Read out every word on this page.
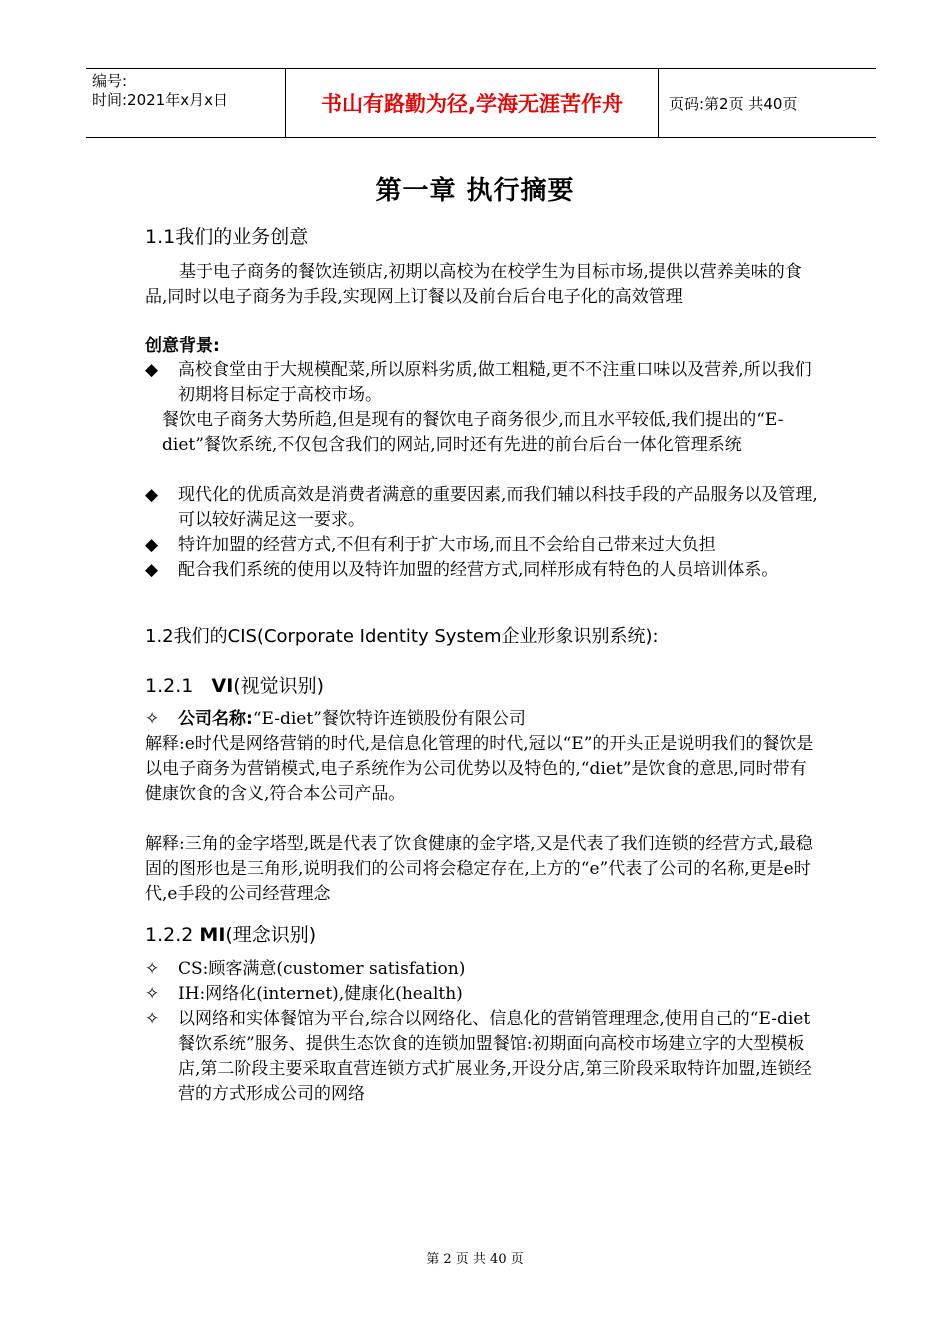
编号:
时间:2021年x月x日	书山有路勤为径,学海无涯苦作舟	页码:第2页 共40页
第一章 执行摘要
1.1我们的业务创意
基于电子商务的餐饮连锁店,初期以高校为在校学生为目标市场,提供以营养美味的食品,同时以电子商务为手段,实现网上订餐以及前台后台电子化的高效管理
创意背景:
◆	高校食堂由于大规模配菜,所以原料劣质,做工粗糙,更不不注重口味以及营养,所以我们初期将目标定于高校市场。
餐饮电子商务大势所趋,但是现有的餐饮电子商务很少,而且水平较低,我们提出的“E-diet”餐饮系统,不仅包含我们的网站,同时还有先进的前台后台一体化管理系统
◆	现代化的优质高效是消费者满意的重要因素,而我们辅以科技手段的产品服务以及管理,可以较好满足这一要求。
◆	特许加盟的经营方式,不但有利于扩大市场,而且不会给自己带来过大负担
◆	配合我们系统的使用以及特许加盟的经营方式,同样形成有特色的人员培训体系。
1.2我们的CIS(Corporate Identity System企业形象识别系统):
1.2.1 VI(视觉识别)
✧	公司名称:“E-diet”餐饮特许连锁股份有限公司
解释:e时代是网络营销的时代,是信息化管理的时代,冠以“E”的开头正是说明我们的餐饮是以电子商务为营销模式,电子系统作为公司优势以及特色的,“diet”是饮食的意思,同时带有健康饮食的含义,符合本公司产品。
解释:三角的金字塔型,既是代表了饮食健康的金字塔,又是代表了我们连锁的经营方式,最稳固的图形也是三角形,说明我们的公司将会稳定存在,上方的“e”代表了公司的名称,更是e时代,e手段的公司经营理念
1.2.2 MI(理念识别)
✧	CS:顾客满意(customer satisfation)
✧	IH:网络化(internet),健康化(health)
✧	以网络和实体餐馆为平台,综合以网络化、信息化的营销管理理念,使用自己的“E-diet餐饮系统”服务、提供生态饮食的连锁加盟餐馆:初期面向高校市场建立字的大型模板店,第二阶段主要采取直营连锁方式扩展业务,开设分店,第三阶段采取特许加盟,连锁经营的方式形成公司的网络
第 2 页 共 40 页
